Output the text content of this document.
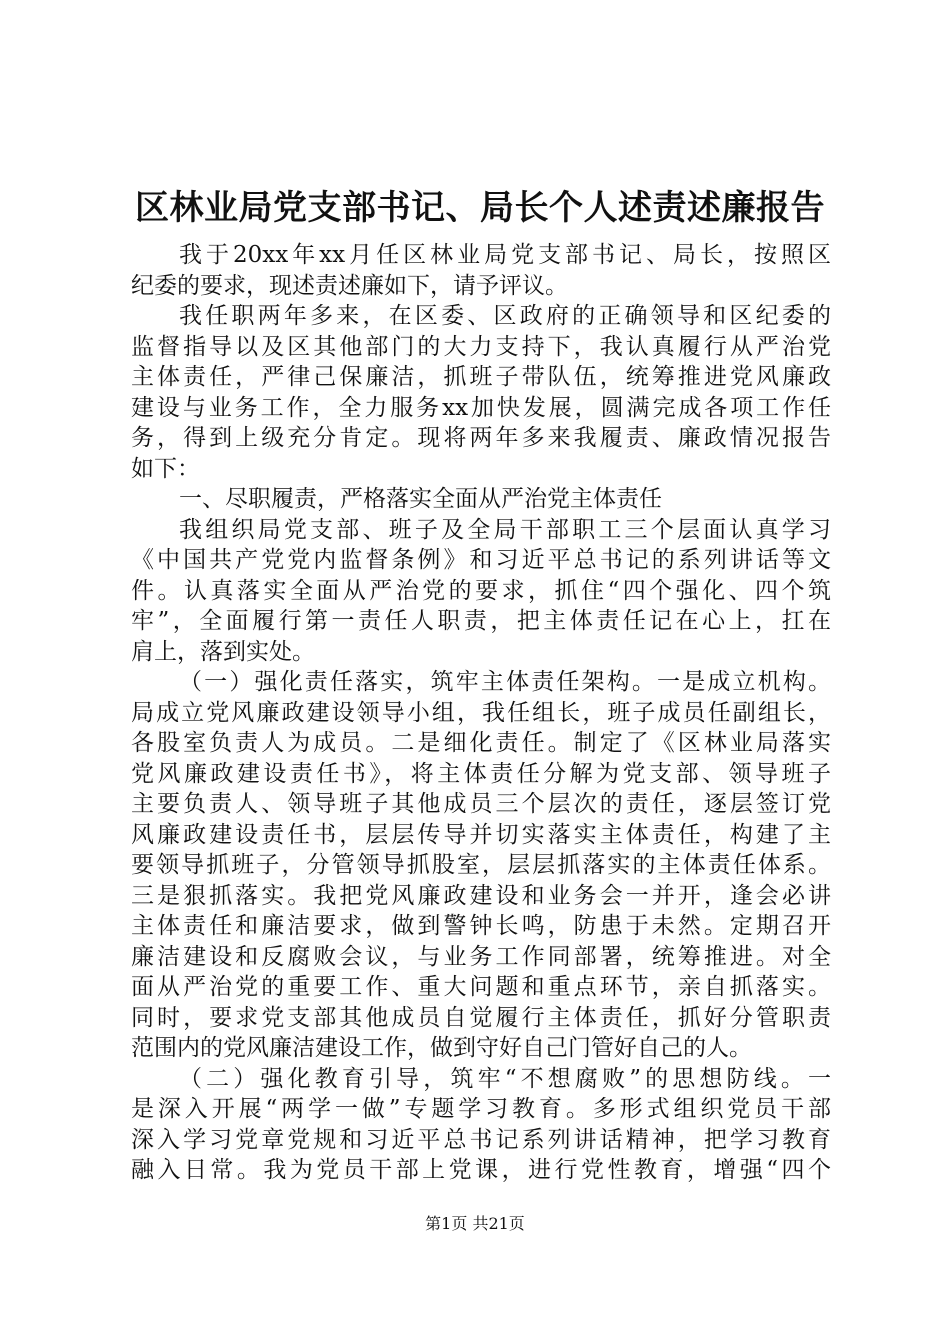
区林业局党支部书记、局长个人述责述廉报告
我于20xx年xx月任区林业局党支部书记、局长，按照区
纪委的要求，现述责述廉如下，请予评议。
我任职两年多来，在区委、区政府的正确领导和区纪委的
监督指导以及区其他部门的大力支持下，我认真履行从严治党
主体责任，严律己保廉洁，抓班子带队伍，统筹推进党风廉政
建设与业务工作，全力服务xx加快发展，圆满完成各项工作任
务，得到上级充分肯定。现将两年多来我履责、廉政情况报告
如下：
一、尽职履责，严格落实全面从严治党主体责任
我组织局党支部、班子及全局干部职工三个层面认真学习
《中国共产党党内监督条例》和习近平总书记的系列讲话等文
件。认真落实全面从严治党的要求，抓住“四个强化、四个筑
牢”，全面履行第一责任人职责，把主体责任记在心上，扛在
肩上，落到实处。
（一）强化责任落实，筑牢主体责任架构。一是成立机构。
局成立党风廉政建设领导小组，我任组长，班子成员任副组长，
各股室负责人为成员。二是细化责任。制定了《区林业局落实
党风廉政建设责任书》，将主体责任分解为党支部、领导班子
主要负责人、领导班子其他成员三个层次的责任，逐层签订党
风廉政建设责任书，层层传导并切实落实主体责任，构建了主
要领导抓班子，分管领导抓股室，层层抓落实的主体责任体系。
三是狠抓落实。我把党风廉政建设和业务会一并开，逢会必讲
主体责任和廉洁要求，做到警钟长鸣，防患于未然。定期召开
廉洁建设和反腐败会议，与业务工作同部署，统筹推进。对全
面从严治党的重要工作、重大问题和重点环节，亲自抓落实。
同时，要求党支部其他成员自觉履行主体责任，抓好分管职责
范围内的党风廉洁建设工作，做到守好自己门管好自己的人。
（二）强化教育引导，筑牢“不想腐败”的思想防线。一
是深入开展“两学一做”专题学习教育。多形式组织党员干部
深入学习党章党规和习近平总书记系列讲话精神，把学习教育
融入日常。我为党员干部上党课，进行党性教育，增强“四个
第1页 共21页
